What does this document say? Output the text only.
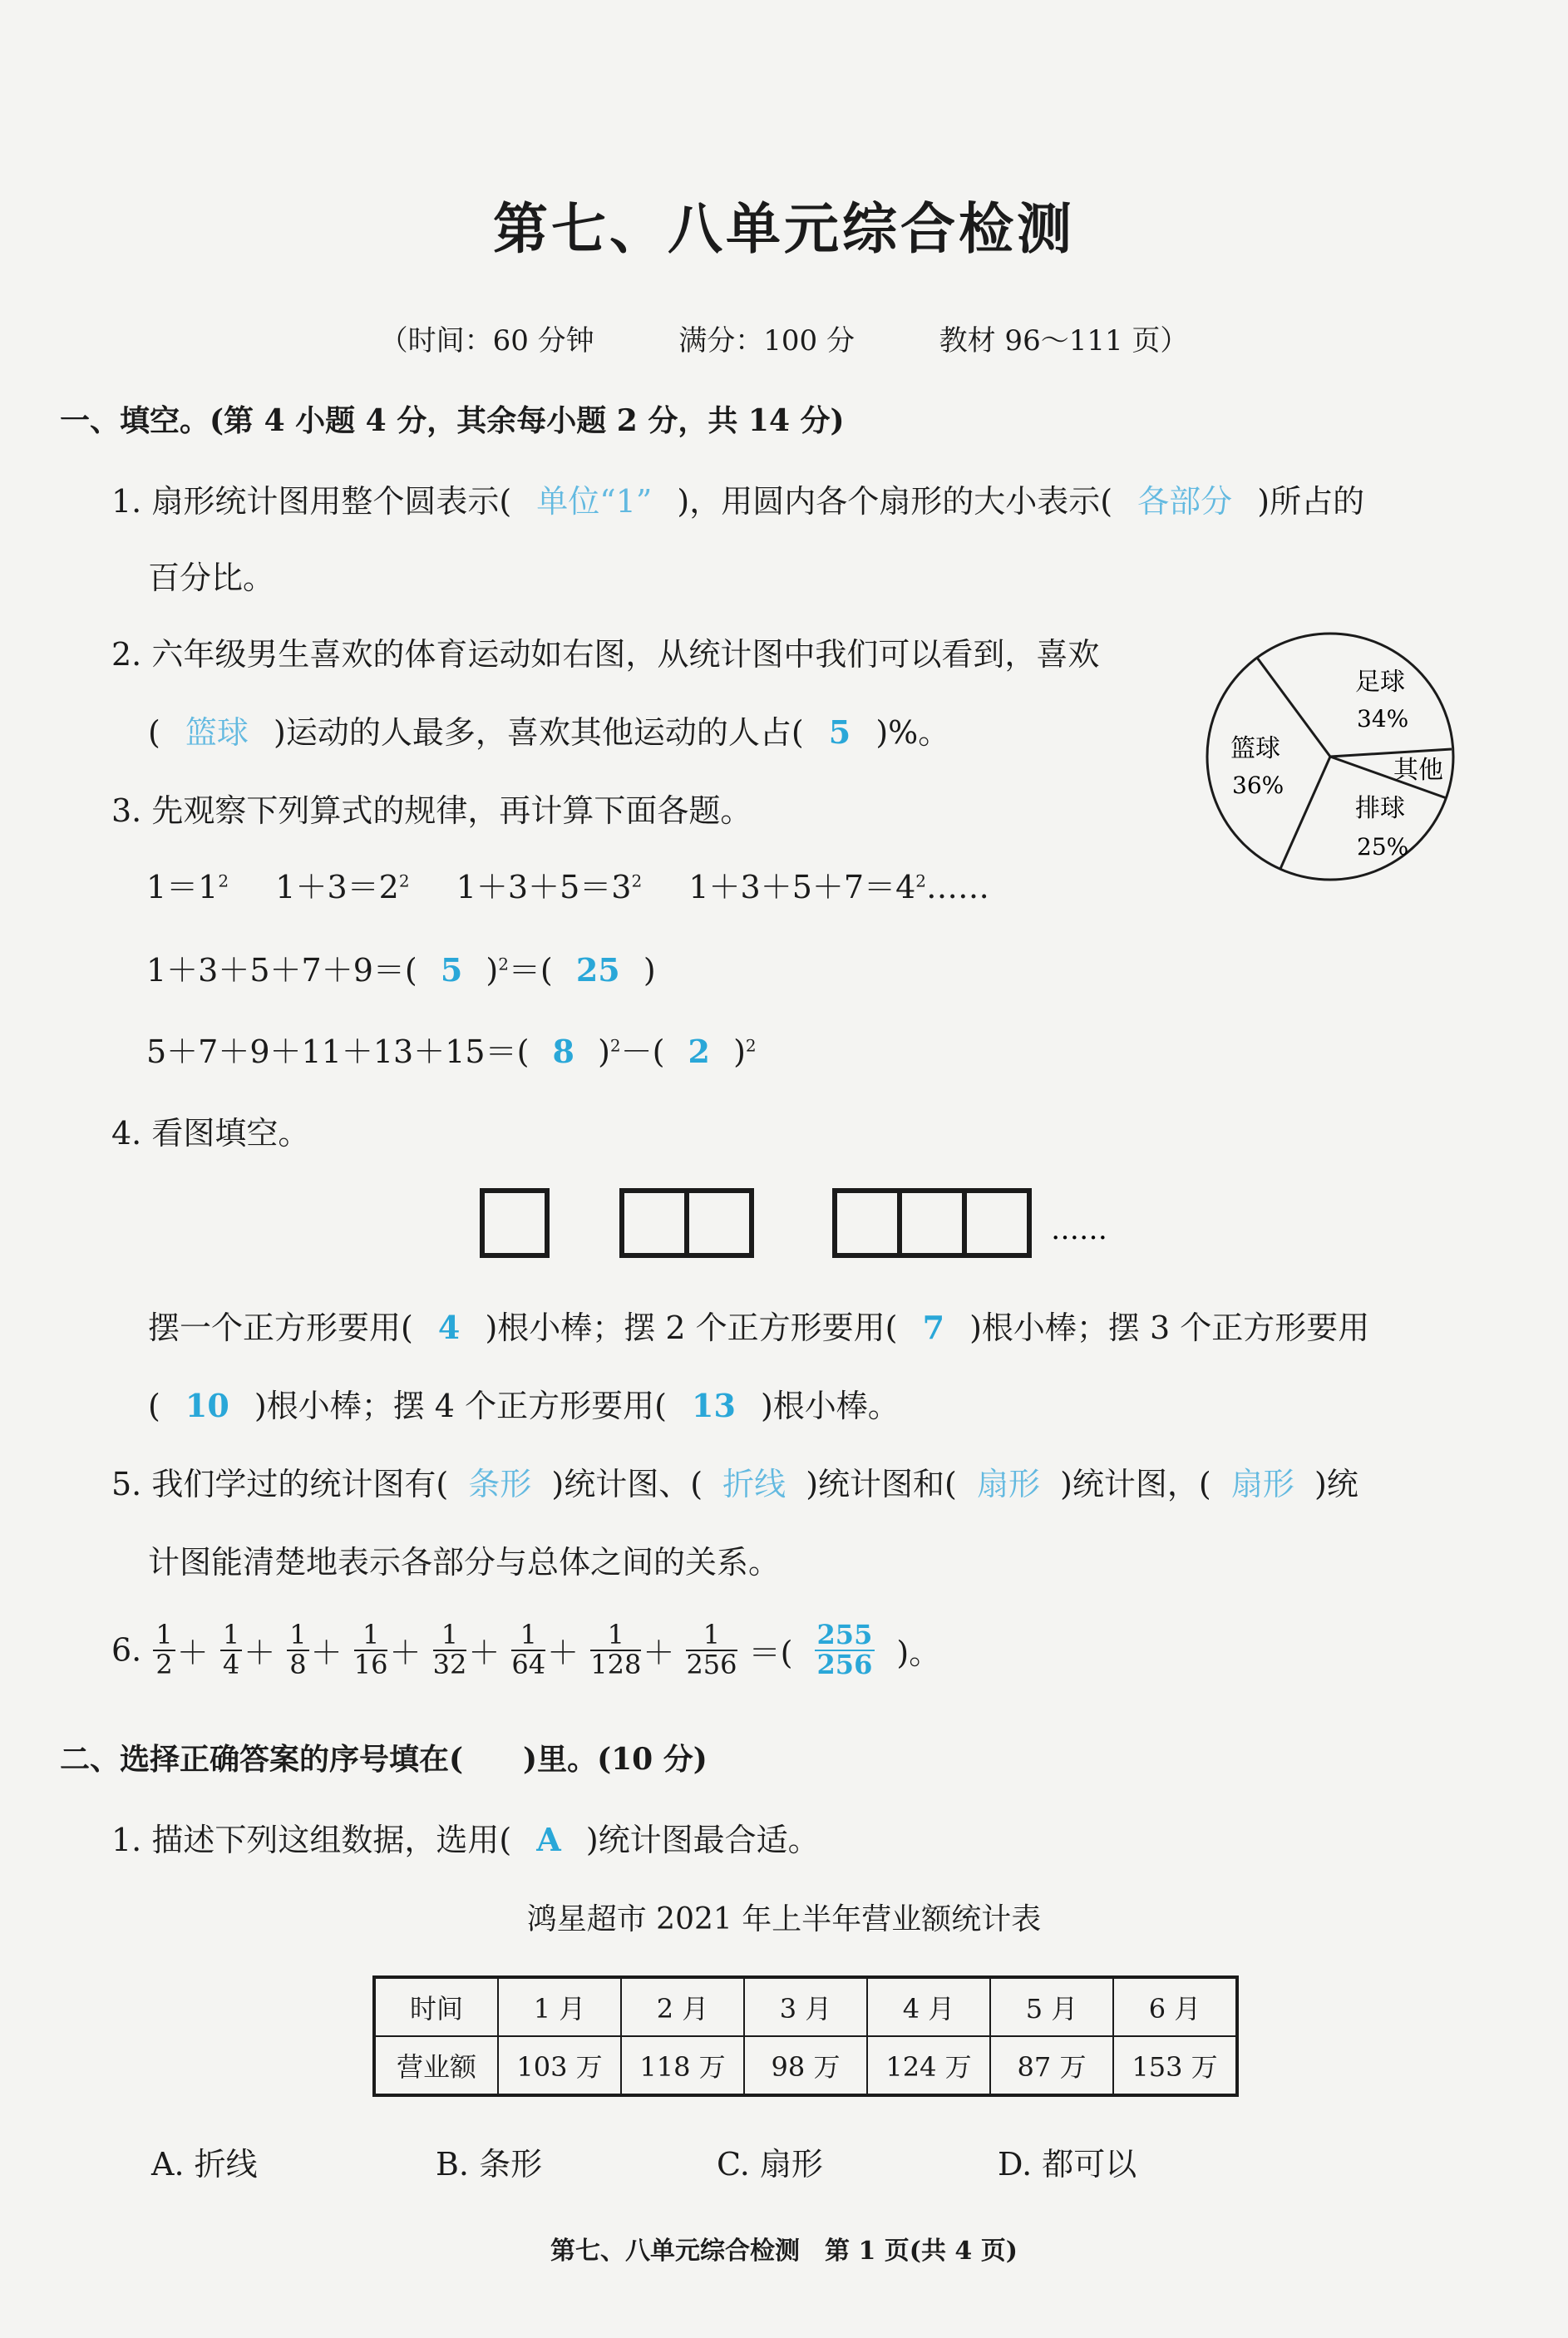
第七、八单元综合检测
（时间：60 分钟	满分：100 分	教材 96～111 页）
一、填空。(第 4 小题 4 分，其余每小题 2 分，共 14 分)
1. 扇形统计图用整个圆表示( 单位“1” )，用圆内各个扇形的大小表示( 各部分 )所占的
百分比。
2. 六年级男生喜欢的体育运动如右图，从统计图中我们可以看到，喜欢
( 篮球 )运动的人最多，喜欢其他运动的人占( 5 )%。
足球
34%
其他
排球
25%
篮球
36%
3. 先观察下列算式的规律，再计算下面各题。
$1=1^2$ $1+3=2^2$ $1+3+5=3^2$ $1+3+5+7=4^2\dots\dots$
1＋3＋5＋7＋9＝( 5 )$^2$＝( 25 )
5＋7＋9＋11＋13＋15＝( 8 )$^2$－( 2 )$^2$
4. 看图填空。
……
摆一个正方形要用( 4 )根小棒；摆 2 个正方形要用( 7 )根小棒；摆 3 个正方形要用
( 10 )根小棒；摆 4 个正方形要用( 13 )根小棒。
5. 我们学过的统计图有( 条形 )统计图、( 折线 )统计图和( 扇形 )统计图，( 扇形 )统
计图能清楚地表示各部分与总体之间的关系。
6. $\frac{1}{2} + \frac{1}{4} + \frac{1}{8} + \frac{1}{16} + \frac{1}{32} + \frac{1}{64} + \frac{1}{128} + \frac{1}{256}$ ＝( $\frac{255}{256}$ )。
二、选择正确答案的序号填在(　　)里。(10 分)
1. 描述下列这组数据，选用( A )统计图最合适。
鸿星超市 2021 年上半年营业额统计表
时间	1 月	2 月	3 月	4 月	5 月	6 月
营业额	103 万	118 万	98 万	124 万	87 万	153 万
A. 折线	B. 条形	C. 扇形	D. 都可以
第七、八单元综合检测　第 1 页(共 4 页)
